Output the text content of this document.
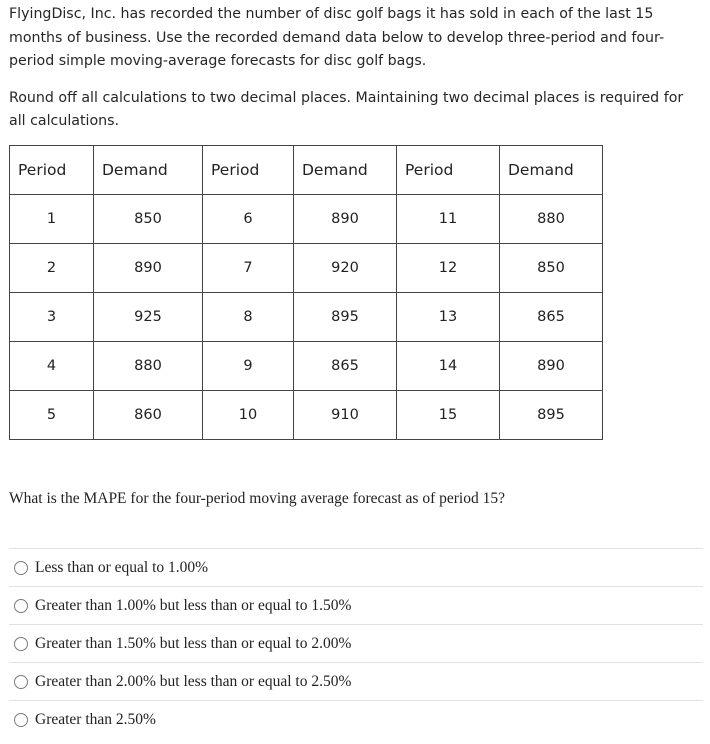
FlyingDisc, Inc. has recorded the number of disc golf bags it has sold in each of the last 15 months of business. Use the recorded demand data below to develop three-period and four-period simple moving-average forecasts for disc golf bags.

Round off all calculations to two decimal places. Maintaining two decimal places is required for all calculations.

Period	Demand	Period	Demand	Period	Demand
1	850	6	890	11	880
2	890	7	920	12	850
3	925	8	895	13	865
4	880	9	865	14	890
5	860	10	910	15	895
What is the MAPE for the four-period moving average forecast as of period 15?
Less than or equal to 1.00%
Greater than 1.00% but less than or equal to 1.50%
Greater than 1.50% but less than or equal to 2.00%
Greater than 2.00% but less than or equal to 2.50%
Greater than 2.50%
